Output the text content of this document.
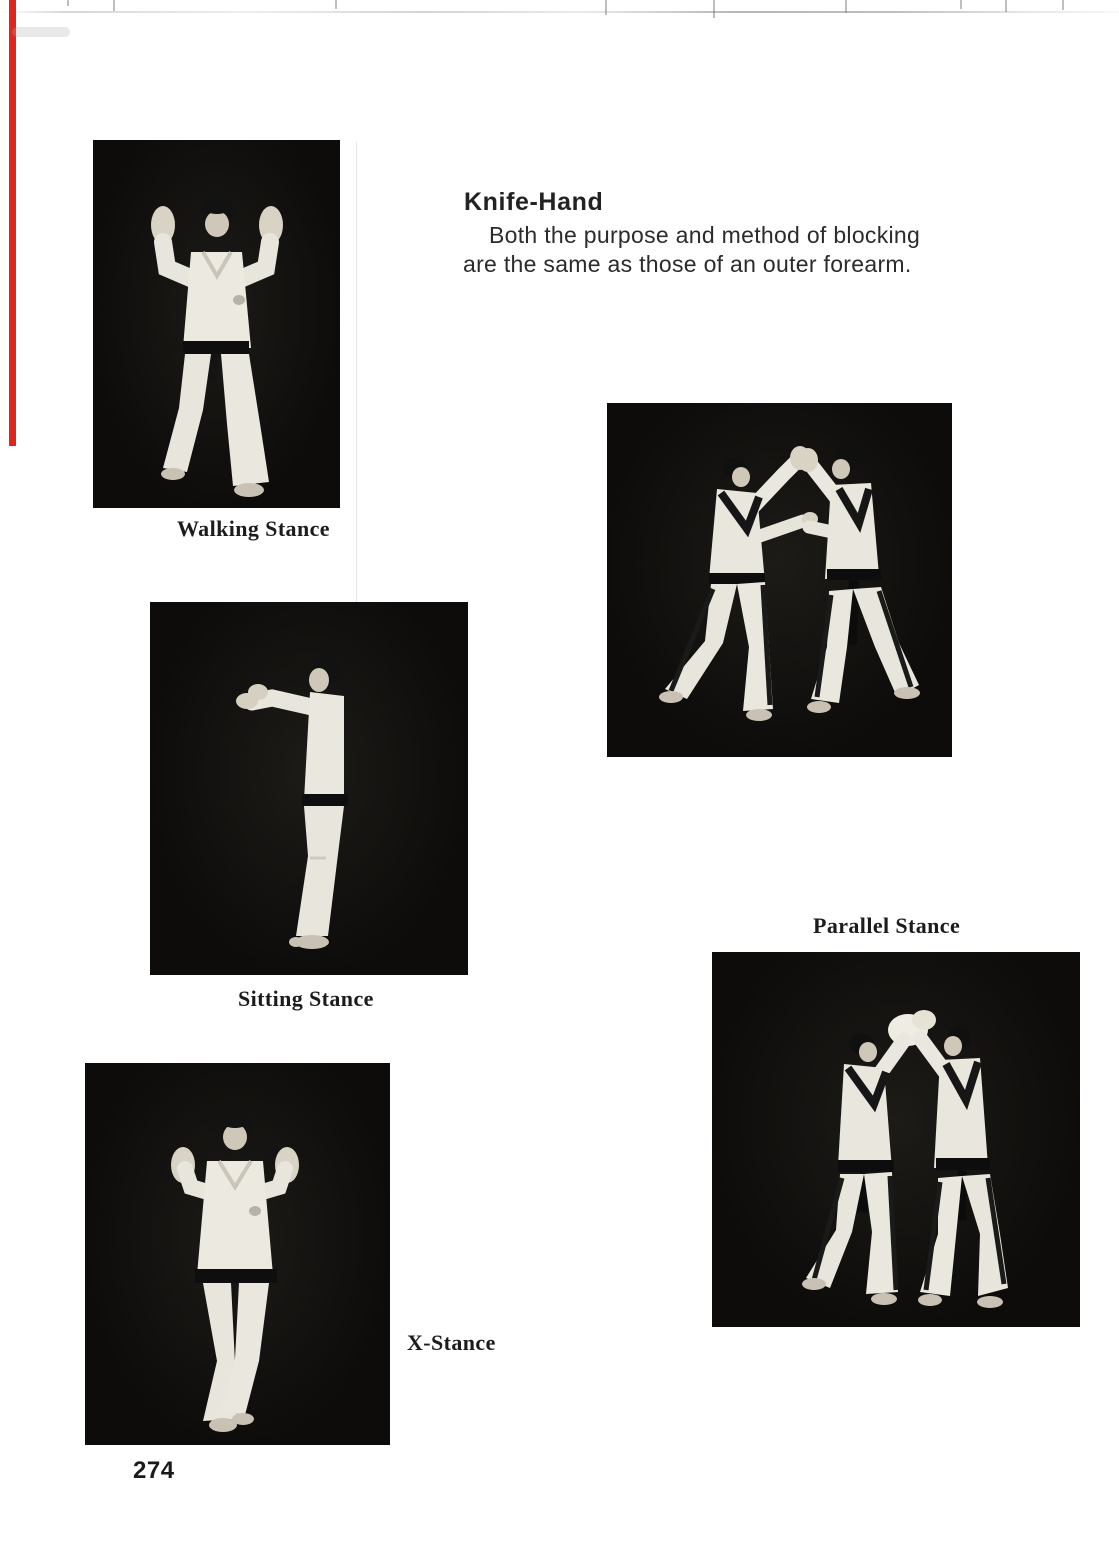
Knife-Hand
Both the purpose and method of blocking
are the same as those of an outer forearm.
Walking Stance
Sitting Stance
X-Stance
Parallel Stance
274
